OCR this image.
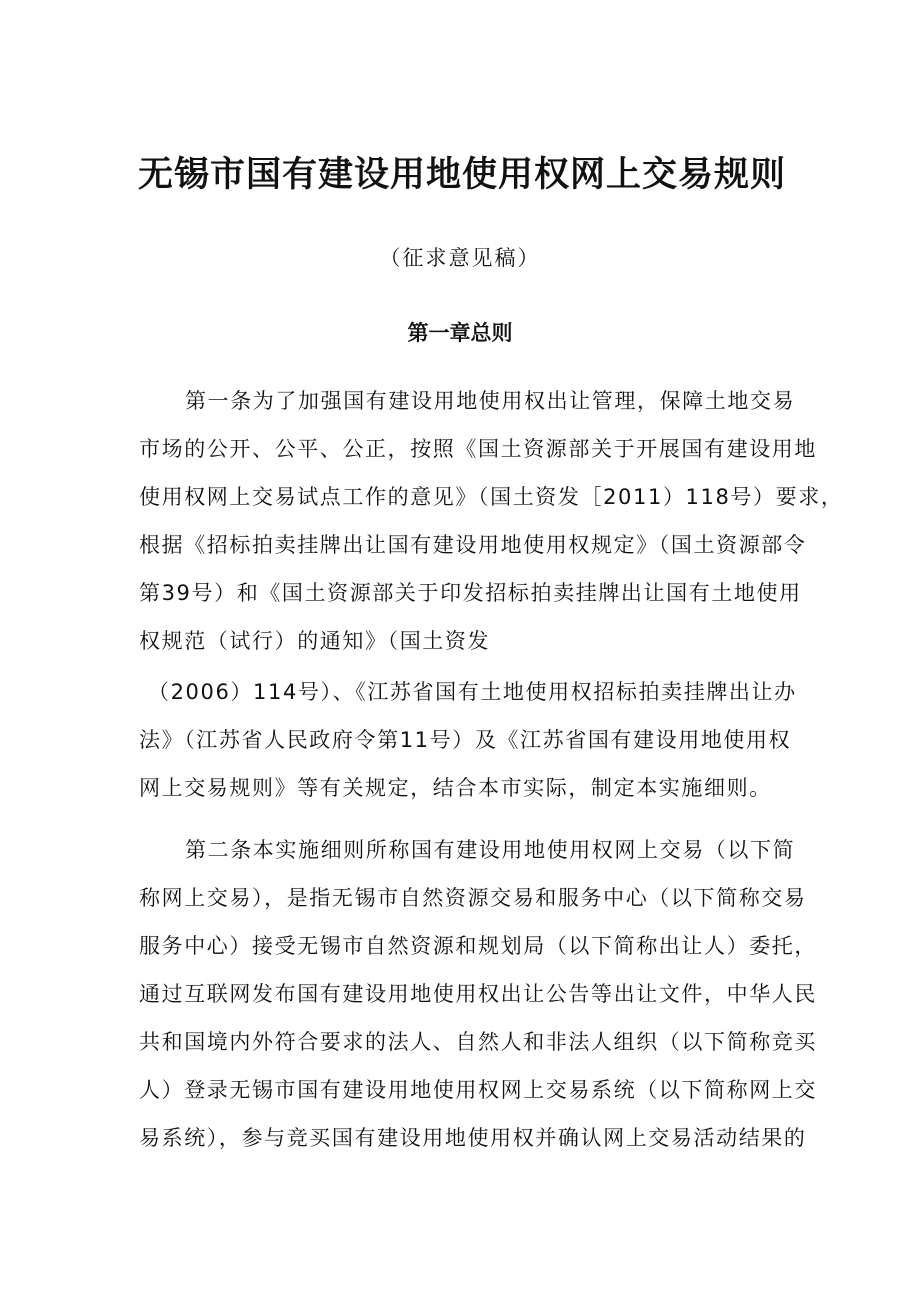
无锡市国有建设用地使用权网上交易规则
（征求意见稿）
第一章总则

第一条为了加强国有建设用地使用权出让管理，保障土地交易

市场的公开、公平、公正，按照《国土资源部关于开展国有建设用地

使用权网上交易试点工作的意见》（国土资发［2011）118号）要求，

根据《招标拍卖挂牌出让国有建设用地使用权规定》（国土资源部令

第39号）和《国土资源部关于印发招标拍卖挂牌出让国有土地使用

权规范（试行）的通知》（国土资发

（2006）114号）、《江苏省国有土地使用权招标拍卖挂牌出让办

法》（江苏省人民政府令第11号）及《江苏省国有建设用地使用权

网上交易规则》等有关规定，结合本市实际，制定本实施细则。

第二条本实施细则所称国有建设用地使用权网上交易（以下简

称网上交易），是指无锡市自然资源交易和服务中心（以下简称交易

服务中心）接受无锡市自然资源和规划局（以下简称出让人）委托，

通过互联网发布国有建设用地使用权出让公告等出让文件，中华人民

共和国境内外符合要求的法人、自然人和非法人组织（以下简称竞买

人）登录无锡市国有建设用地使用权网上交易系统（以下简称网上交

易系统），参与竞买国有建设用地使用权并确认网上交易活动结果的
